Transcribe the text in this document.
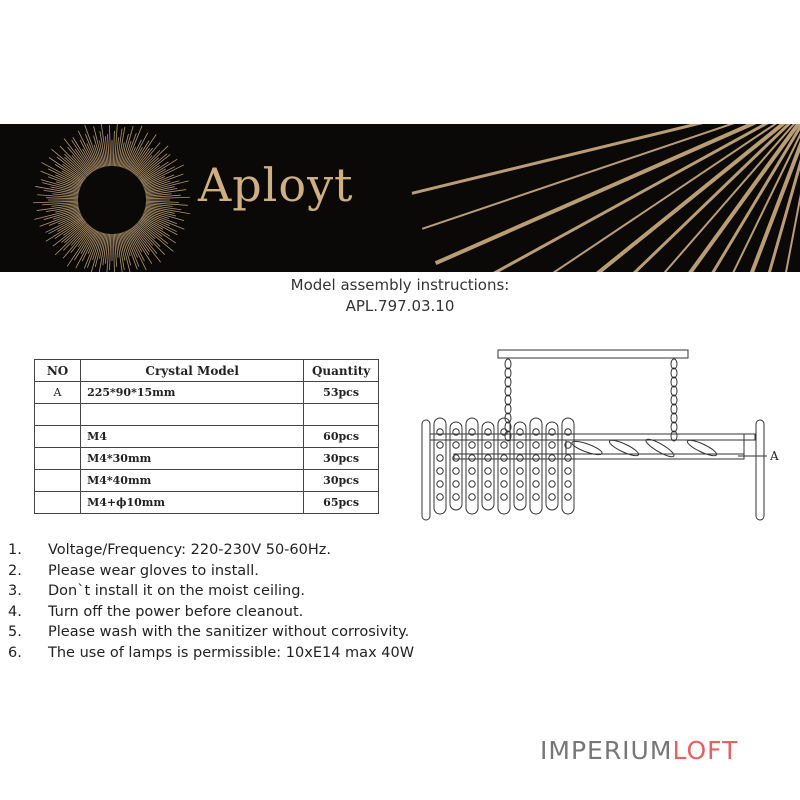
Aployt
Model assembly instructions:
APL.797.03.10
NO	Crystal Model	Quantity
A	225*90*15mm	53pcs

	M4	60pcs
	M4*30mm	30pcs
	M4*40mm	30pcs
	M4+ϕ10mm	65pcs
A
1.	Voltage/Frequency: 220-230V 50-60Hz.
2.	Please wear gloves to install.
3.	Don`t install it on the moist ceiling.
4.	Turn off the power before cleanout.
5.	Please wash with the sanitizer without corrosivity.
6.	The use of lamps is permissible: 10xE14 max 40W
IMPERIUMLOFT
